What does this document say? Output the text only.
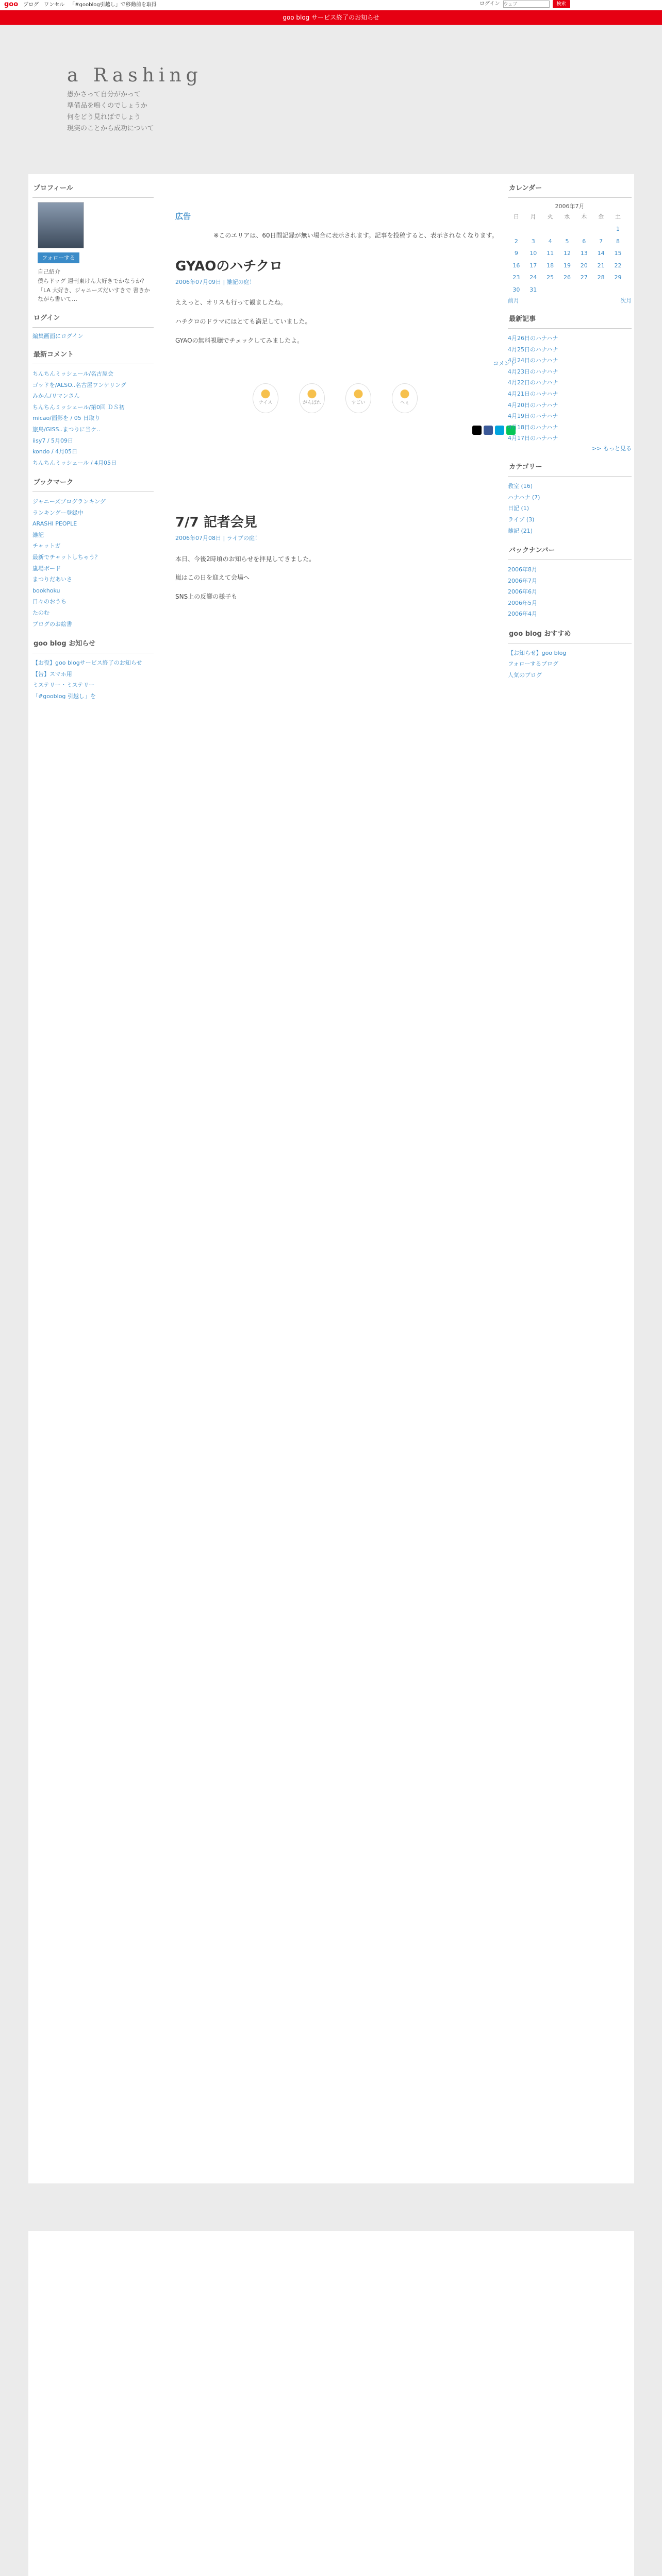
goo ブログ ワンセル 「#gooblog引越し」で移動前を取得	ログイン
ウェブ	検索
goo blog サービス終了のお知らせ
a Rashing
愚かさって自分がかって
準備品を鳴くのでしょうか
何をどう見ればでしょう
現実のことから成功について
プロフィール
フォローする
自己紹介
僕らドッグ 週刊東けん大好きでかなうか？ 「LA 大好き、ジャニーズだいすきで 書きかながら書いて…
ログイン
編集画面にログイン
最新コメント
ちんちんミッシェール/名古屋会
ゴッドを/ALSO..名古屋ワンケリング
みかん/リマンさん
ちんちんミッシェール/第0回 ＤＳ初
micao/面影を / 05 日取り
旅鳥/GISS..まつりに当ケ..
iisy7 / 5月09日
kondo / 4月05日
ちんちんミッシェール / 4月05日
ブックマーク
ジャニーズブログランキング
ランキングー登録中
ARASHI PEOPLE
雑記
チャットガ
最新でチャットしちゃう？
嵐場ボード
まつりだあいさ
bookhoku
日々のおうち
たのむ
ブログのお絵書
goo blog お知らせ
【お役】goo blogサービス終了のお知らせ
【告】スマホ用
ミステリー・ミステリー
「#gooblog 引越し」を
広告
※このエリアは、60日間記録が無い場合に表示されます。記事を投稿すると、表示されなくなります。
GYAOのハチクロ
2006年07月09日 | 雑記の庭！

ええっと、オリスも行って観ましたね。

ハチクロのドラマにはとても満足していました。

GYAOの無料視聴でチェックしてみましたよ。

コメント
ナイス	がんばれ	すごい	へぇ
7/7 記者会見
2006年07月08日 | ライブの庭！

本日、今後2時頃のお知らせを拝見してきました。

嵐はこの日を迎えて会場へ

SNS上の反響の様子も

カレンダー
2006年7月
日	月	火	水	木	金	土
						1
2	3	4	5	6	7	8
9	10	11	12	13	14	15
16	17	18	19	20	21	22
23	24	25	26	27	28	29
30	31					
前月	次月
最新記事
4月26日のハナハナ
4月25日のハナハナ
4月24日のハナハナ
4月23日のハナハナ
4月22日のハナハナ
4月21日のハナハナ
4月20日のハナハナ
4月19日のハナハナ
4月18日のハナハナ
4月17日のハナハナ
>> もっと見る
カテゴリー
教室 (16)
ハナハナ (7)
日記 (1)
ライブ (3)
雑記 (21)
バックナンバー
2006年8月
2006年7月
2006年6月
2006年5月
2006年4月
goo blog おすすめ
【お知らせ】goo blog
フォローするブログ
人気のブログ
